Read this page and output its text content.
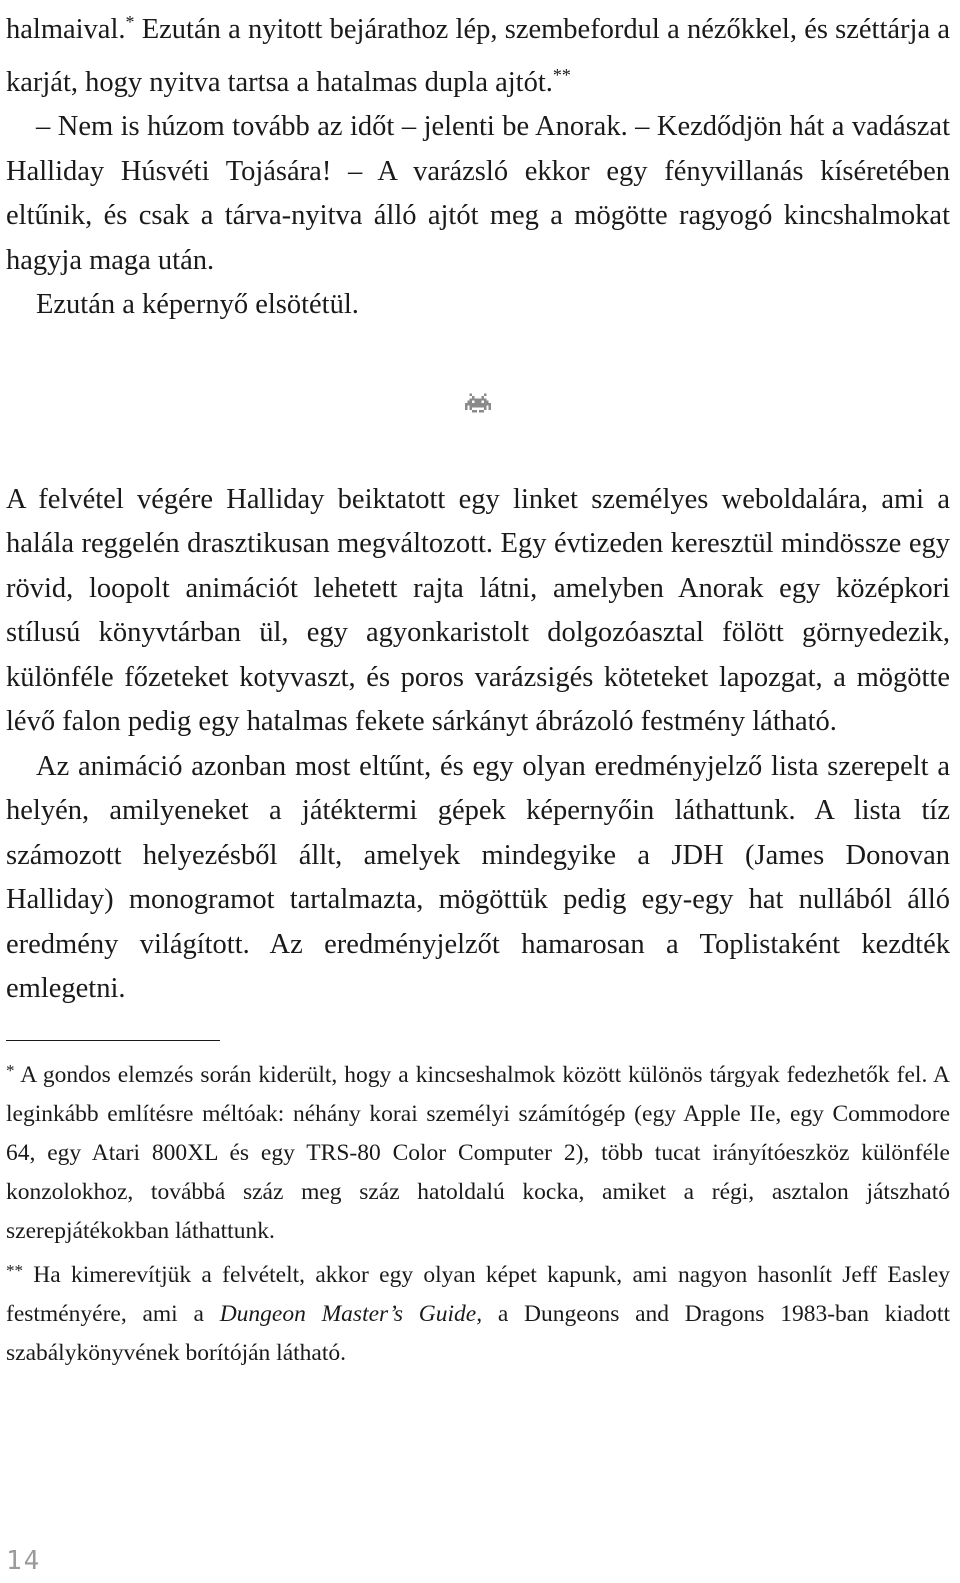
halmaival.* Ezután a nyitott bejárathoz lép, szembefordul a nézőkkel, és széttárja a karját, hogy nyitva tartsa a hatalmas dupla ajtót.**

– Nem is húzom tovább az időt – jelenti be Anorak. – Kezdődjön hát a vadászat Halliday Húsvéti Tojására! – A varázsló ekkor egy fényvillanás kíséretében eltűnik, és csak a tárva-nyitva álló ajtót meg a mögötte ragyogó kincshalmokat hagyja maga után.

Ezután a képernyő elsötétül.

A felvétel végére Halliday beiktatott egy linket személyes weboldalára, ami a halála reggelén drasztikusan megváltozott. Egy évtizeden keresztül mindössze egy rövid, loopolt animációt lehetett rajta látni, amelyben Anorak egy középkori stílusú könyvtárban ül, egy agyonkaristolt dolgozóasztal fölött görnyedezik, különféle főzeteket kotyvaszt, és poros varázsigés köteteket lapozgat, a mögötte lévő falon pedig egy hatalmas fekete sárkányt ábrázoló festmény látható.

Az animáció azonban most eltűnt, és egy olyan eredményjelző lista szerepelt a helyén, amilyeneket a játéktermi gépek képernyőin láthattunk. A lista tíz számozott helyezésből állt, amelyek mindegyike a JDH (James Donovan Halliday) monogramot tartalmazta, mögöttük pedig egy-egy hat nullából álló eredmény világított. Az eredményjelzőt hamarosan a Toplistaként kezdték emlegetni.

* A gondos elemzés során kiderült, hogy a kincseshalmok között különös tárgyak fedezhetők fel. A leginkább említésre méltóak: néhány korai személyi számítógép (egy Apple IIe, egy Commodore 64, egy Atari 800XL és egy TRS-80 Color Computer 2), több tucat irányítóeszköz különféle konzolokhoz, továbbá száz meg száz hatoldalú kocka, amiket a régi, asztalon játszható szerepjátékokban láthattunk.

** Ha kimerevítjük a felvételt, akkor egy olyan képet kapunk, ami nagyon hasonlít Jeff Easley festményére, ami a Dungeon Master’s Guide, a Dungeons and Dragons 1983-ban kiadott szabálykönyvének borítóján látható.

14
